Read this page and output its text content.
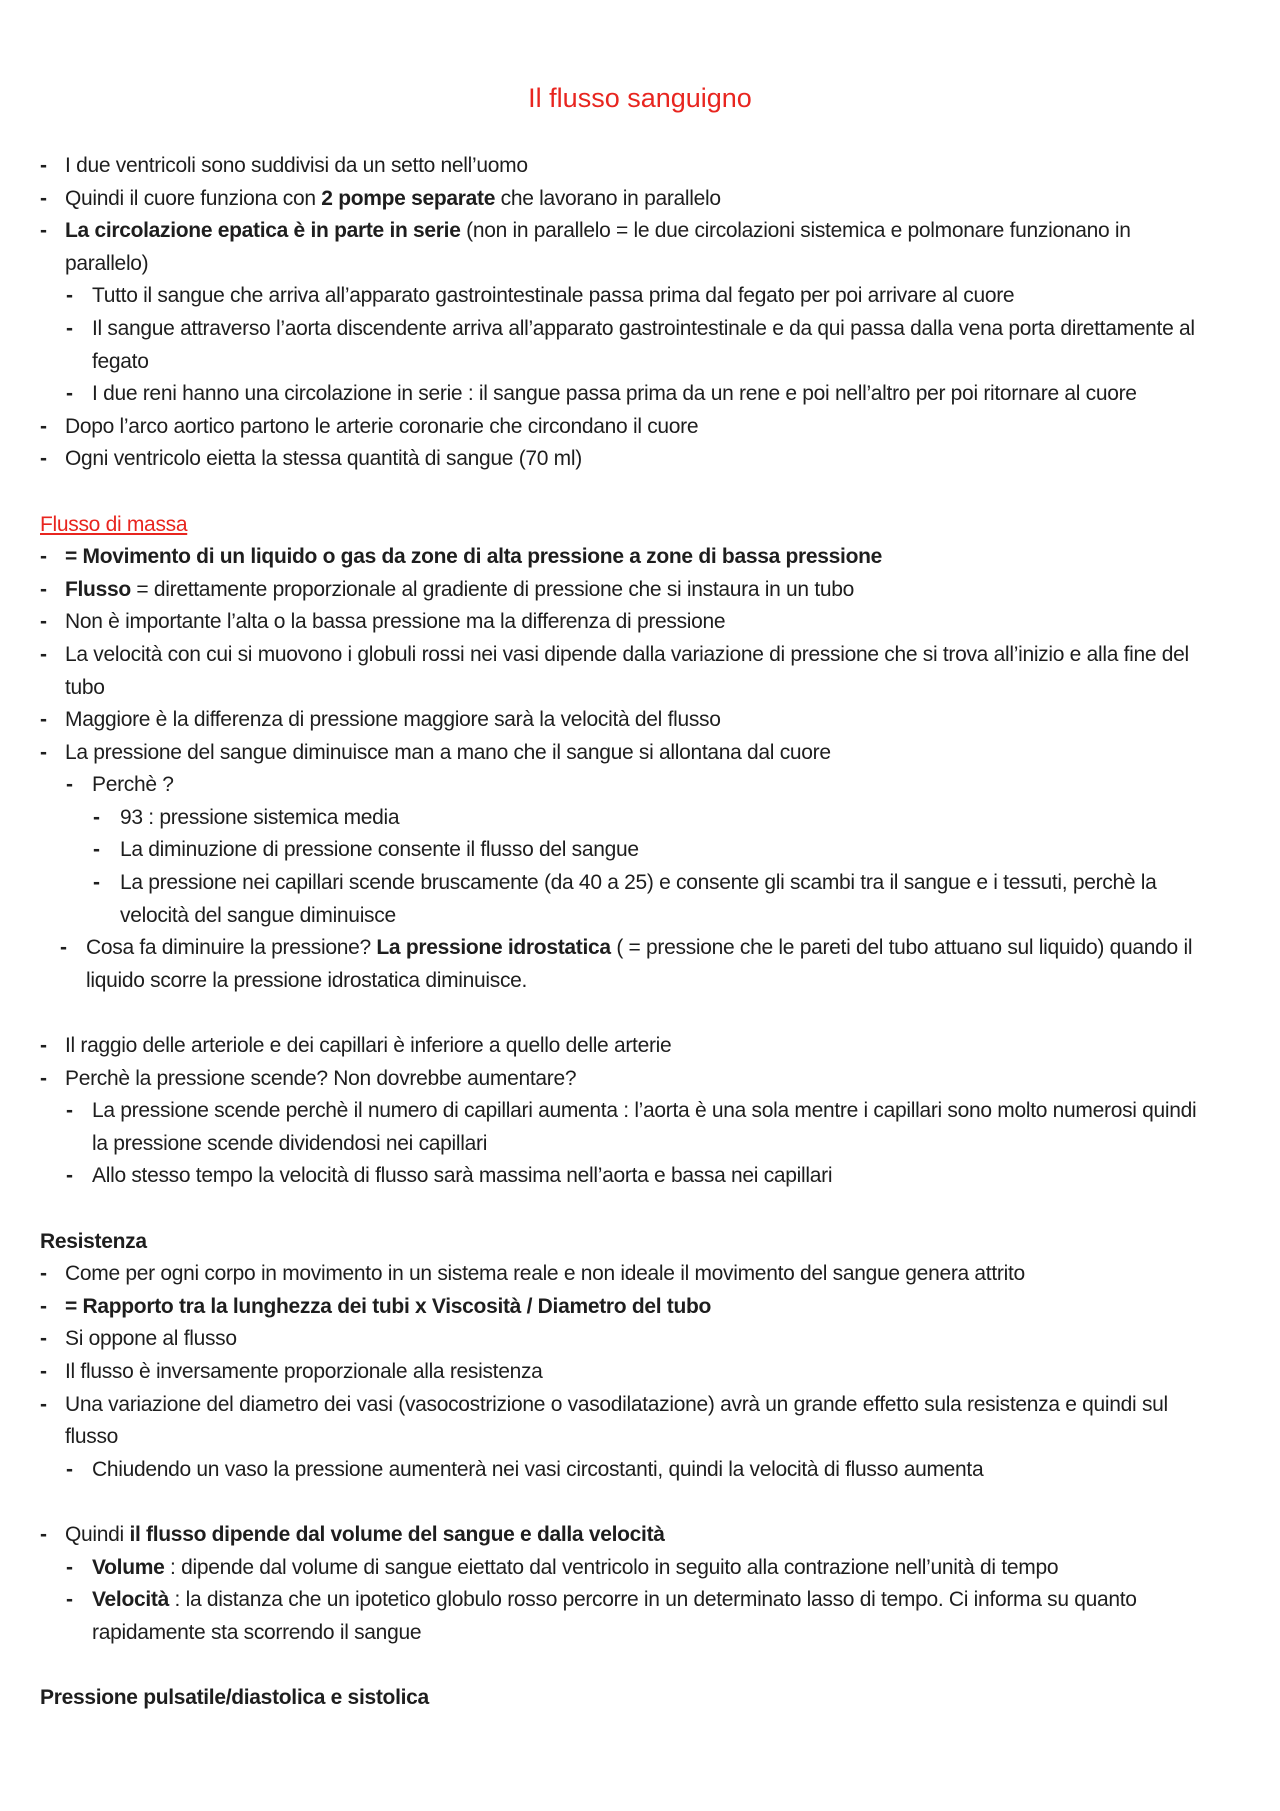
Il flusso sanguigno
- I due ventricoli sono suddivisi da un setto nell’uomo
- Quindi il cuore funziona con 2 pompe separate che lavorano in parallelo
- La circolazione epatica è in parte in serie (non in parallelo = le due circolazioni sistemica e polmonare funzionano in parallelo)
- Tutto il sangue che arriva all’apparato gastrointestinale passa prima dal fegato per poi arrivare al cuore
- Il sangue attraverso l’aorta discendente arriva all’apparato gastrointestinale e da qui passa dalla vena porta direttamente al fegato
- I due reni hanno una circolazione in serie : il sangue passa prima da un rene e poi nell’altro per poi ritornare al cuore
- Dopo l’arco aortico partono le arterie coronarie che circondano il cuore
- Ogni ventricolo eietta la stessa quantità di sangue (70 ml)
Flusso di massa
- = Movimento di un liquido o gas da zone di alta pressione a zone di bassa pressione
- Flusso = direttamente proporzionale al gradiente di pressione che si instaura in un tubo
- Non è importante l’alta o la bassa pressione ma la differenza di pressione
- La velocità con cui si muovono i globuli rossi nei vasi dipende dalla variazione di pressione che si trova all’inizio e alla fine del tubo
- Maggiore è la differenza di pressione maggiore sarà la velocità del flusso
- La pressione del sangue diminuisce man a mano che il sangue si allontana dal cuore
- Perchè ?
- 93 : pressione sistemica media
- La diminuzione di pressione consente il flusso del sangue
- La pressione nei capillari scende bruscamente (da 40 a 25) e consente gli scambi tra il sangue e i tessuti, perchè la velocità del sangue diminuisce
- Cosa fa diminuire la pressione? La pressione idrostatica ( = pressione che le pareti del tubo attuano sul liquido) quando il liquido scorre la pressione idrostatica diminuisce.
- Il raggio delle arteriole e dei capillari è inferiore a quello delle arterie
- Perchè la pressione scende? Non dovrebbe aumentare?
- La pressione scende perchè il numero di capillari aumenta : l’aorta è una sola mentre i capillari sono molto numerosi quindi la pressione scende dividendosi nei capillari
- Allo stesso tempo la velocità di flusso sarà massima nell’aorta e bassa nei capillari
Resistenza
- Come per ogni corpo in movimento in un sistema reale e non ideale il movimento del sangue genera attrito
- = Rapporto tra la lunghezza dei tubi x Viscosità / Diametro del tubo
- Si oppone al flusso
- Il flusso è inversamente proporzionale alla resistenza
- Una variazione del diametro dei vasi (vasocostrizione o vasodilatazione) avrà un grande effetto sula resistenza e quindi sul flusso
- Chiudendo un vaso la pressione aumenterà nei vasi circostanti, quindi la velocità di flusso aumenta
- Quindi il flusso dipende dal volume del sangue e dalla velocità
- Volume : dipende dal volume di sangue eiettato dal ventricolo in seguito alla contrazione nell’unità di tempo
- Velocità : la distanza che un ipotetico globulo rosso percorre in un determinato lasso di tempo. Ci informa su quanto rapidamente sta scorrendo il sangue
Pressione pulsatile/diastolica e sistolica
